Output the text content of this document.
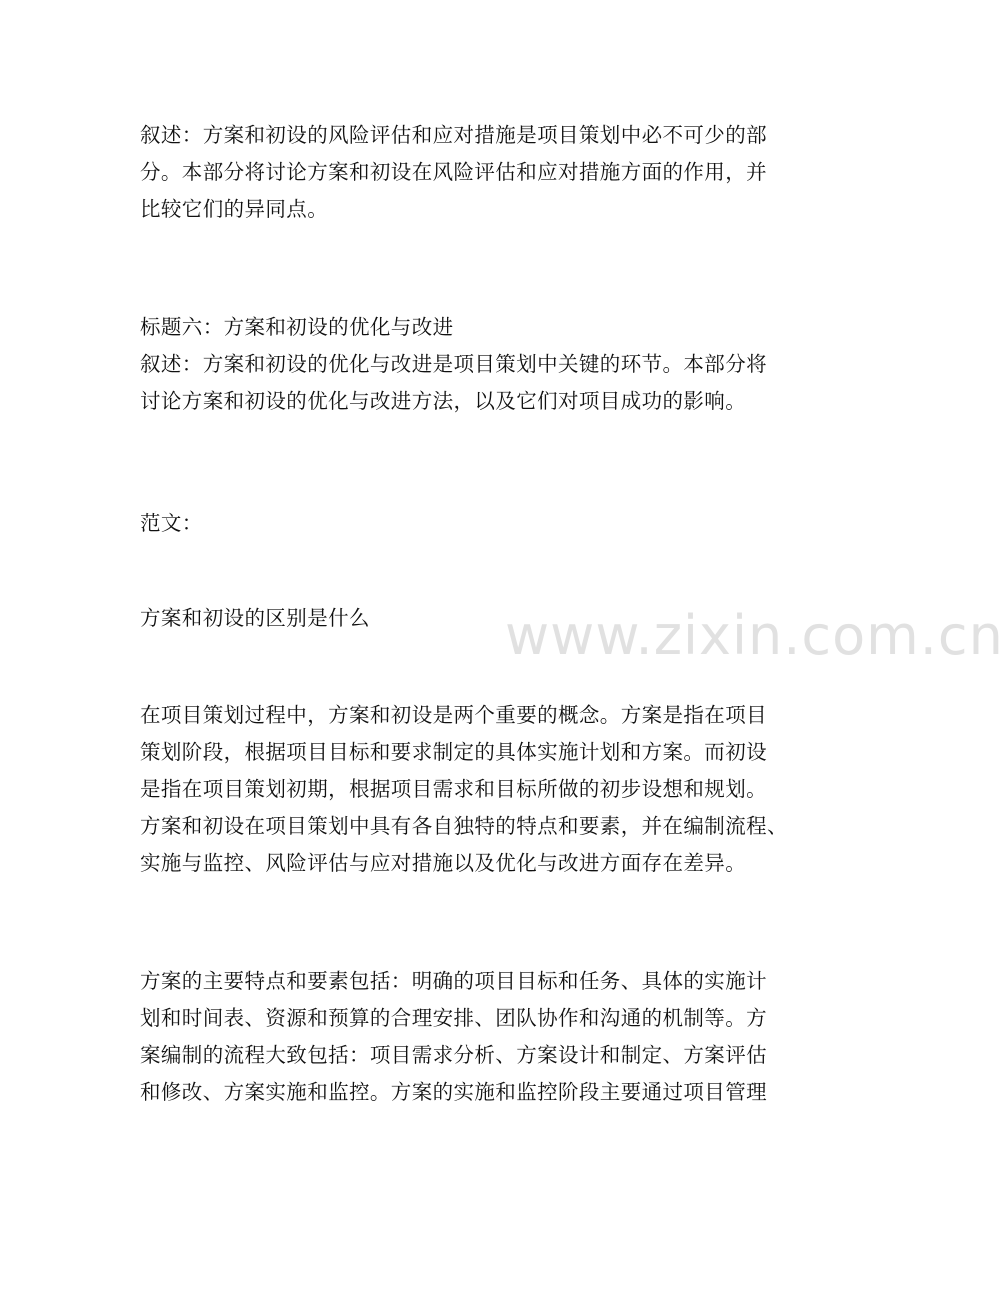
www.zixin.com.cn
叙述：方案和初设的风险评估和应对措施是项目策划中必不可少的部
分。本部分将讨论方案和初设在风险评估和应对措施方面的作用，并
比较它们的异同点。
标题六：方案和初设的优化与改进
叙述：方案和初设的优化与改进是项目策划中关键的环节。本部分将
讨论方案和初设的优化与改进方法，以及它们对项目成功的影响。
范文：
方案和初设的区别是什么
在项目策划过程中，方案和初设是两个重要的概念。方案是指在项目
策划阶段，根据项目目标和要求制定的具体实施计划和方案。而初设
是指在项目策划初期，根据项目需求和目标所做的初步设想和规划。
方案和初设在项目策划中具有各自独特的特点和要素，并在编制流程、
实施与监控、风险评估与应对措施以及优化与改进方面存在差异。
方案的主要特点和要素包括：明确的项目目标和任务、具体的实施计
划和时间表、资源和预算的合理安排、团队协作和沟通的机制等。方
案编制的流程大致包括：项目需求分析、方案设计和制定、方案评估
和修改、方案实施和监控。方案的实施和监控阶段主要通过项目管理
